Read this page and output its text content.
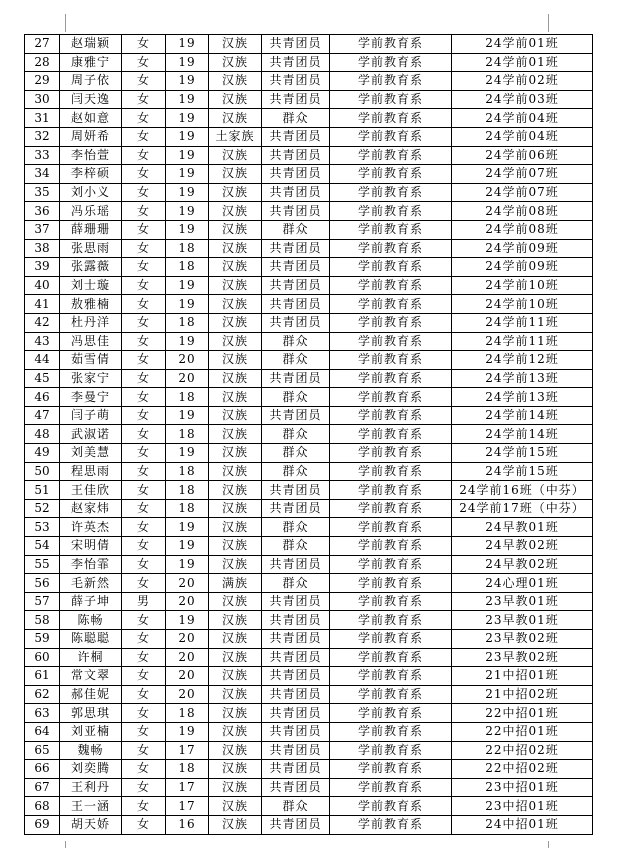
27	赵瑞颖	女	19	汉族	共青团员	学前教育系	24学前01班
28	康雅宁	女	19	汉族	共青团员	学前教育系	24学前01班
29	周子依	女	19	汉族	共青团员	学前教育系	24学前02班
30	闫天逸	女	19	汉族	共青团员	学前教育系	24学前03班
31	赵如意	女	19	汉族	群众	学前教育系	24学前04班
32	周妍希	女	19	土家族	共青团员	学前教育系	24学前04班
33	李怡萱	女	19	汉族	共青团员	学前教育系	24学前06班
34	李梓硕	女	19	汉族	共青团员	学前教育系	24学前07班
35	刘小义	女	19	汉族	共青团员	学前教育系	24学前07班
36	冯乐瑶	女	19	汉族	共青团员	学前教育系	24学前08班
37	薛珊珊	女	19	汉族	群众	学前教育系	24学前08班
38	张思雨	女	18	汉族	共青团员	学前教育系	24学前09班
39	张露薇	女	18	汉族	共青团员	学前教育系	24学前09班
40	刘士璇	女	19	汉族	共青团员	学前教育系	24学前10班
41	敖雅楠	女	19	汉族	共青团员	学前教育系	24学前10班
42	杜丹洋	女	18	汉族	共青团员	学前教育系	24学前11班
43	冯思佳	女	19	汉族	群众	学前教育系	24学前11班
44	茹雪倩	女	20	汉族	群众	学前教育系	24学前12班
45	张家宁	女	20	汉族	共青团员	学前教育系	24学前13班
46	李曼宁	女	18	汉族	群众	学前教育系	24学前13班
47	闫子萌	女	19	汉族	共青团员	学前教育系	24学前14班
48	武淑诺	女	18	汉族	群众	学前教育系	24学前14班
49	刘美慧	女	19	汉族	群众	学前教育系	24学前15班
50	程思雨	女	18	汉族	群众	学前教育系	24学前15班
51	王佳欣	女	18	汉族	共青团员	学前教育系	24学前16班（中芬）
52	赵家炜	女	18	汉族	共青团员	学前教育系	24学前17班（中芬）
53	许英杰	女	19	汉族	群众	学前教育系	24早教01班
54	宋明倩	女	19	汉族	群众	学前教育系	24早教02班
55	李怡霏	女	19	汉族	共青团员	学前教育系	24早教02班
56	毛新然	女	20	满族	群众	学前教育系	24心理01班
57	薛子坤	男	20	汉族	共青团员	学前教育系	23早教01班
58	陈畅	女	19	汉族	共青团员	学前教育系	23早教01班
59	陈聪聪	女	20	汉族	共青团员	学前教育系	23早教02班
60	许桐	女	20	汉族	共青团员	学前教育系	23早教02班
61	常文翠	女	20	汉族	共青团员	学前教育系	21中招01班
62	郝佳妮	女	20	汉族	共青团员	学前教育系	21中招02班
63	郭思琪	女	18	汉族	共青团员	学前教育系	22中招01班
64	刘亚楠	女	19	汉族	共青团员	学前教育系	22中招01班
65	魏畅	女	17	汉族	共青团员	学前教育系	22中招02班
66	刘奕腾	女	18	汉族	共青团员	学前教育系	22中招02班
67	王利丹	女	17	汉族	共青团员	学前教育系	23中招01班
68	王一涵	女	17	汉族	群众	学前教育系	23中招01班
69	胡天娇	女	16	汉族	共青团员	学前教育系	24中招01班
